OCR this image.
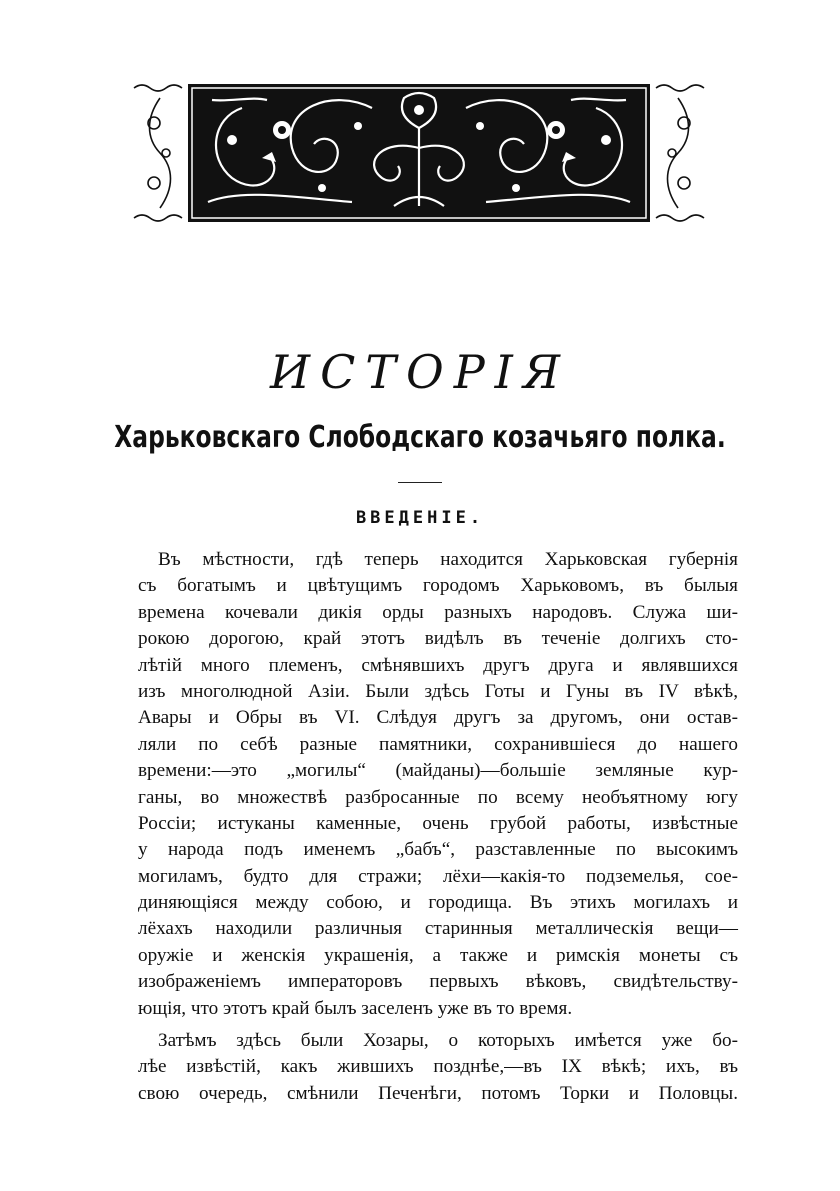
ИСТОРІЯ
Харьковскаго Слободскаго козачьяго полка.
ВВЕДЕНІЕ.
Въ мѣстности, гдѣ теперь находится Харьковская губернія
съ богатымъ и цвѣтущимъ городомъ Харьковомъ, въ былыя
времена кочевали дикія орды разныхъ народовъ. Служа ши-
рокою дорогою, край этотъ видѣлъ въ теченіе долгихъ сто-
лѣтій много племенъ, смѣнявшихъ другъ друга и являвшихся
изъ многолюдной Азіи. Были здѣсь Готы и Гуны въ IV вѣкѣ,
Авары и Обры въ VI. Слѣдуя другъ за другомъ, они остав-
ляли по себѣ разные памятники, сохранившіеся до нашего
времени:—это „могилы“ (майданы)—большіе земляные кур-
ганы, во множествѣ разбросанные по всему необъятному югу
Россіи; истуканы каменные, очень грубой работы, извѣстные
у народа подъ именемъ „бабъ“, разставленные по высокимъ
могиламъ, будто для стражи; лёхи—какія-то подземелья, сое-
диняющіяся между собою, и городища. Въ этихъ могилахъ и
лёхахъ находили различныя старинныя металлическія вещи—
оружіе и женскія украшенія, а также и римскія монеты съ
изображеніемъ императоровъ первыхъ вѣковъ, свидѣтельству-
ющія, что этотъ край былъ заселенъ уже въ то время.
Затѣмъ здѣсь были Хозары, о которыхъ имѣется уже бо-
лѣе извѣстій, какъ жившихъ позднѣе,—въ IX вѣкѣ; ихъ, въ
свою очередь, смѣнили Печенѣги, потомъ Торки и Половцы.
